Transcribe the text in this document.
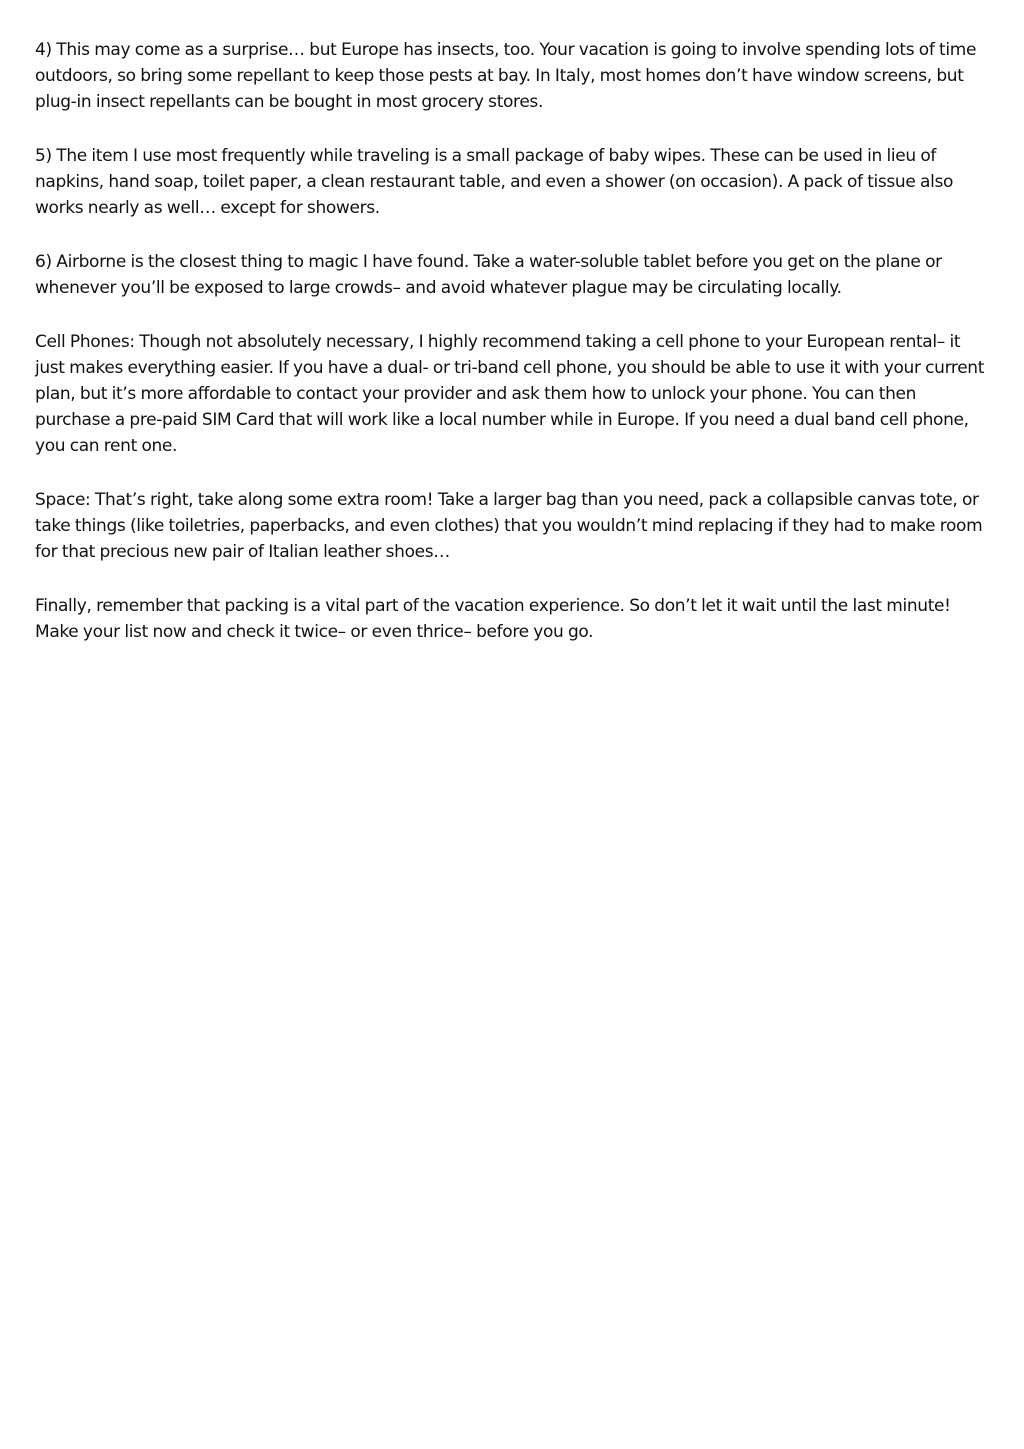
4) This may come as a surprise… but Europe has insects, too. Your vacation is going to involve spending lots of time outdoors, so bring some repellant to keep those pests at bay. In Italy, most homes don’t have window screens, but plug-in insect repellants can be bought in most grocery stores.

5) The item I use most frequently while traveling is a small package of baby wipes. These can be used in lieu of napkins, hand soap, toilet paper, a clean restaurant table, and even a shower (on occasion). A pack of tissue also works nearly as well… except for showers.

6) Airborne is the closest thing to magic I have found. Take a water-soluble tablet before you get on the plane or whenever you’ll be exposed to large crowds– and avoid whatever plague may be circulating locally.

Cell Phones: Though not absolutely necessary, I highly recommend taking a cell phone to your European rental– it just makes everything easier. If you have a dual- or tri-band cell phone, you should be able to use it with your current plan, but it’s more affordable to contact your provider and ask them how to unlock your phone. You can then purchase a pre-paid SIM Card that will work like a local number while in Europe. If you need a dual band cell phone, you can rent one.

Space: That’s right, take along some extra room! Take a larger bag than you need, pack a collapsible canvas tote, or take things (like toiletries, paperbacks, and even clothes) that you wouldn’t mind replacing if they had to make room for that precious new pair of Italian leather shoes…

Finally, remember that packing is a vital part of the vacation experience. So don’t let it wait until the last minute! Make your list now and check it twice– or even thrice– before you go.
